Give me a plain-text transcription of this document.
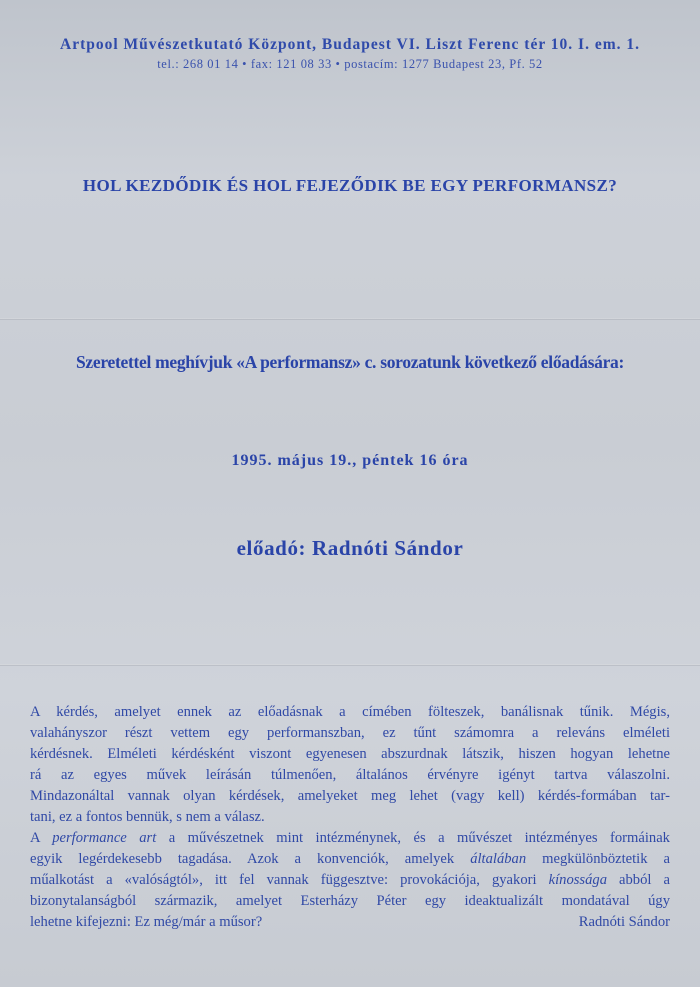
Artpool Művészetkutató Központ, Budapest VI. Liszt Ferenc tér 10. I. em. 1.
tel.: 268 01 14 • fax: 121 08 33 • postacím: 1277 Budapest 23, Pf. 52
HOL KEZDŐDIK ÉS HOL FEJEZŐDIK BE EGY PERFORMANSZ?
Szeretettel meghívjuk «A performansz» c. sorozatunk következő előadására:
1995. május 19., péntek 16 óra
előadó: Radnóti Sándor

A kérdés, amelyet ennek az előadásnak a címében fölteszek, banálisnak tűnik. Mégis,
valahányszor részt vettem egy performanszban, ez tűnt számomra a releváns elméleti
kérdésnek. Elméleti kérdésként viszont egyenesen abszurdnak látszik, hiszen hogyan lehetne
rá az egyes művek leírásán túlmenően, általános érvényre igényt tartva válaszolni.
Mindazonáltal vannak olyan kérdések, amelyeket meg lehet (vagy kell) kérdés-formában tar-
tani, ez a fontos bennük, s nem a válasz.

A performance art a művészetnek mint intézménynek, és a művészet intézményes formáinak
egyik legérdekesebb tagadása. Azok a konvenciók, amelyek általában megkülönböztetik a
műalkotást a «valóságtól», itt fel vannak függesztve: provokációja, gyakori kínossága abból a
bizonytalanságból származik, amelyet Esterházy Péter egy ideaktualizált mondatával úgy
lehetne kifejezni: Ez még/már a műsor?	Radnóti Sándor
